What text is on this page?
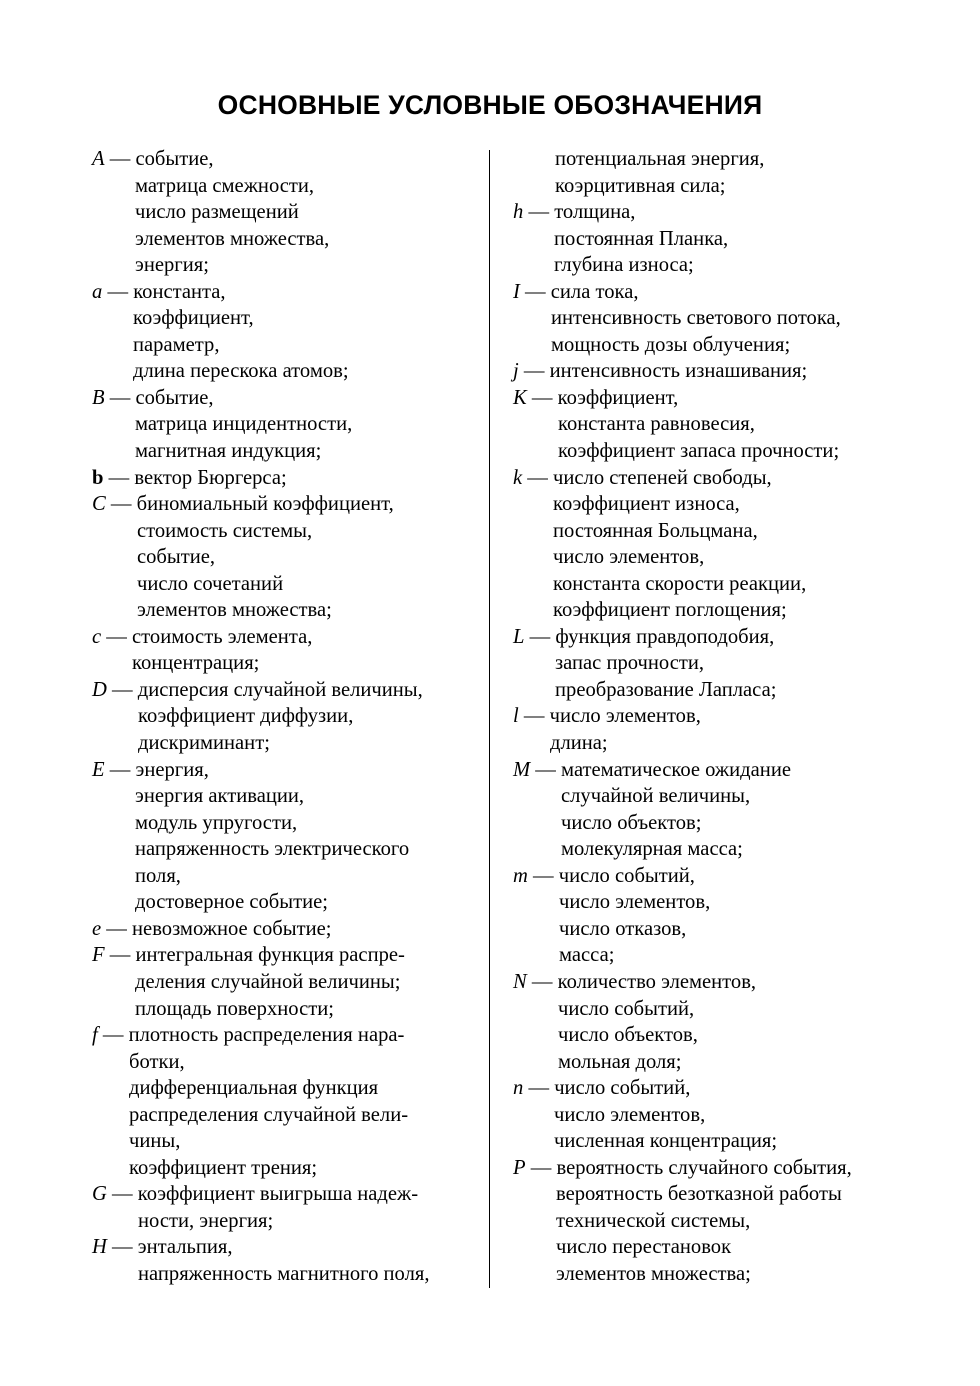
ОСНОВНЫЕ УСЛОВНЫЕ ОБОЗНАЧЕНИЯ
A — событие,
матрица смежности,
число размещений
элементов множества,
энергия;
a — константа,
коэффициент,
параметр,
длина перескока атомов;
B — событие,
матрица инцидентности,
магнитная индукция;
b — вектор Бюргерса;
C — биномиальный коэффициент,
стоимость системы,
событие,
число сочетаний
элементов множества;
c — стоимость элемента,
концентрация;
D — дисперсия случайной величины,
коэффициент диффузии,
дискриминант;
E — энергия,
энергия активации,
модуль упругости,
напряженность электрического
поля,
достоверное событие;
e — невозможное событие;
F — интегральная функция распре-
деления случайной величины;
площадь поверхности;
f — плотность распределения нара-
ботки,
дифференциальная функция
распределения случайной вели-
чины,
коэффициент трения;
G — коэффициент выигрыша надеж-
ности, энергия;
H — энтальпия,
напряженность магнитного поля,
потенциальная энергия,
коэрцитивная сила;
h — толщина,
постоянная Планка,
глубина износа;
I — сила тока,
интенсивность светового потока,
мощность дозы облучения;
j — интенсивность изнашивания;
K — коэффициент,
константа равновесия,
коэффициент запаса прочности;
k — число степеней свободы,
коэффициент износа,
постоянная Больцмана,
число элементов,
константа скорости реакции,
коэффициент поглощения;
L — функция правдоподобия,
запас прочности,
преобразование Лапласа;
l — число элементов,
длина;
M — математическое ожидание
случайной величины,
число объектов;
молекулярная масса;
m — число событий,
число элементов,
число отказов,
масса;
N — количество элементов,
число событий,
число объектов,
мольная доля;
n — число событий,
число элементов,
численная концентрация;
P — вероятность случайного события,
вероятность безотказной работы
технической системы,
число перестановок
элементов множества;
